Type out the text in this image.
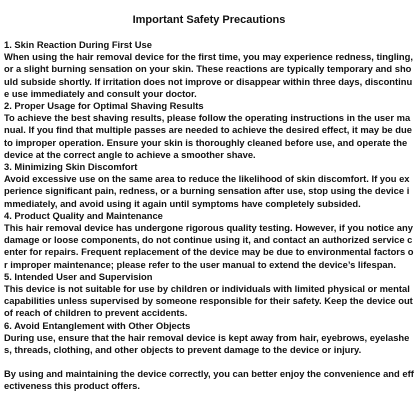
Important Safety Precautions
1. Skin Reaction During First Use
When using the hair removal device for the first time, you may experience redness, tingling, or a slight burning sensation on your skin. These reactions are typically temporary and should subside shortly. If irritation does not improve or disappear within three days, discontinue use immediately and consult your doctor.
2. Proper Usage for Optimal Shaving Results
To achieve the best shaving results, please follow the operating instructions in the user manual. If you find that multiple passes are needed to achieve the desired effect, it may be due to improper operation. Ensure your skin is thoroughly cleaned before use, and operate the device at the correct angle to achieve a smoother shave.
3. Minimizing Skin Discomfort
Avoid excessive use on the same area to reduce the likelihood of skin discomfort. If you experience significant pain, redness, or a burning sensation after use, stop using the device immediately, and avoid using it again until symptoms have completely subsided.
4. Product Quality and Maintenance
This hair removal device has undergone rigorous quality testing. However, if you notice any damage or loose components, do not continue using it, and contact an authorized service center for repairs. Frequent replacement of the device may be due to environmental factors or improper maintenance; please refer to the user manual to extend the device’s lifespan.
5. Intended User and Supervision
This device is not suitable for use by children or individuals with limited physical or mental capabilities unless supervised by someone responsible for their safety. Keep the device out of reach of children to prevent accidents.
6. Avoid Entanglement with Other Objects
During use, ensure that the hair removal device is kept away from hair, eyebrows, eyelashes, threads, clothing, and other objects to prevent damage to the device or injury.
By using and maintaining the device correctly, you can better enjoy the convenience and effectiveness this product offers.
